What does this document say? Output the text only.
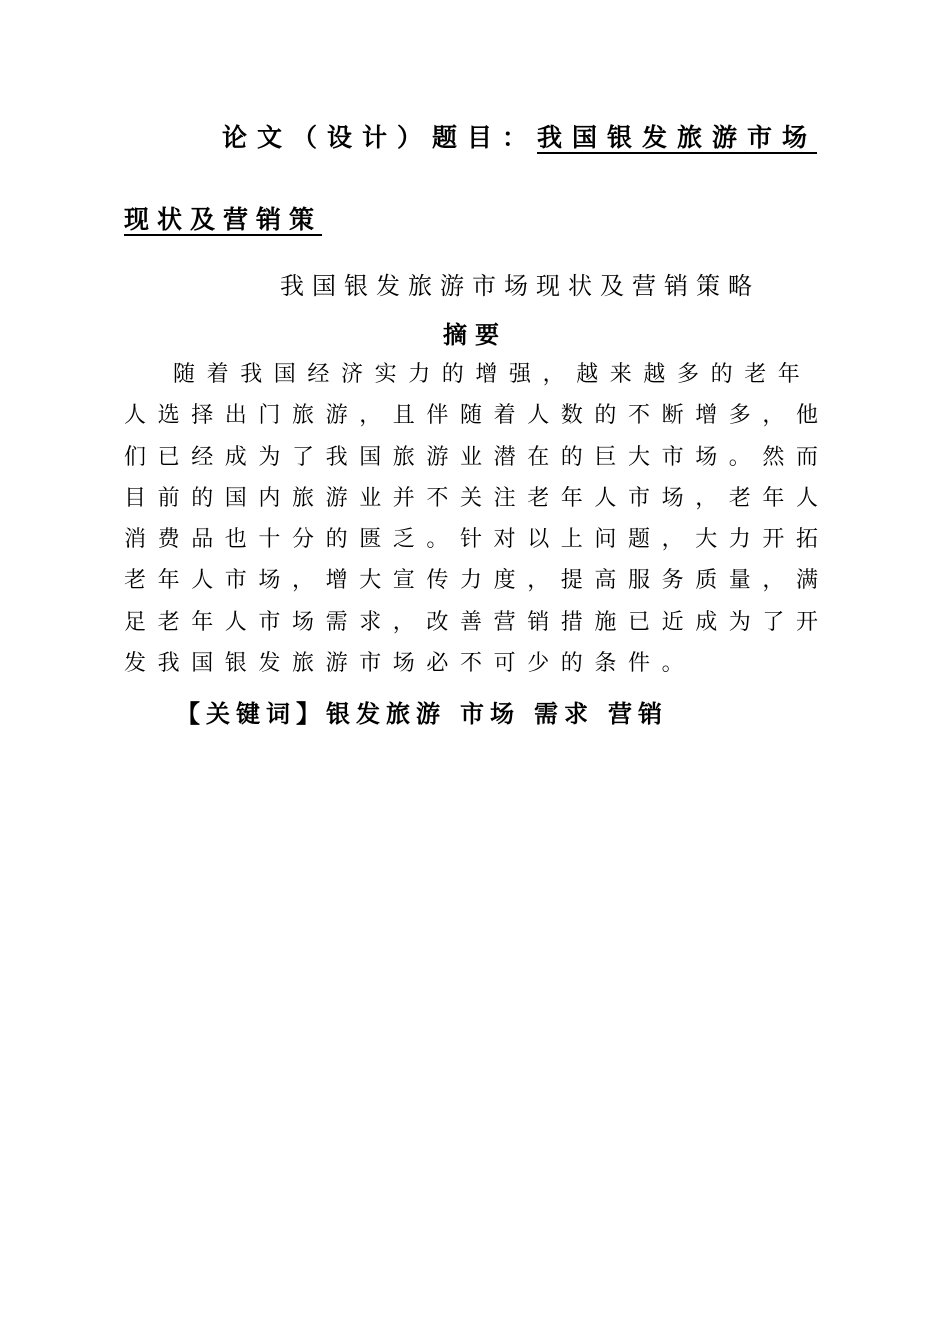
论文（设计）题目：我国银发旅游市场
现状及营销策
我国银发旅游市场现状及营销策略
摘要
随着我国经济实力的增强，越来越多的老年
人选择出门旅游，且伴随着人数的不断增多，他
们已经成为了我国旅游业潜在的巨大市场。然而
目前的国内旅游业并不关注老年人市场，老年人
消费品也十分的匮乏。针对以上问题，大力开拓
老年人市场，增大宣传力度，提高服务质量，满
足老年人市场需求，改善营销措施已近成为了开
发我国银发旅游市场必不可少的条件。
【关键词】银发旅游 市场 需求 营销
